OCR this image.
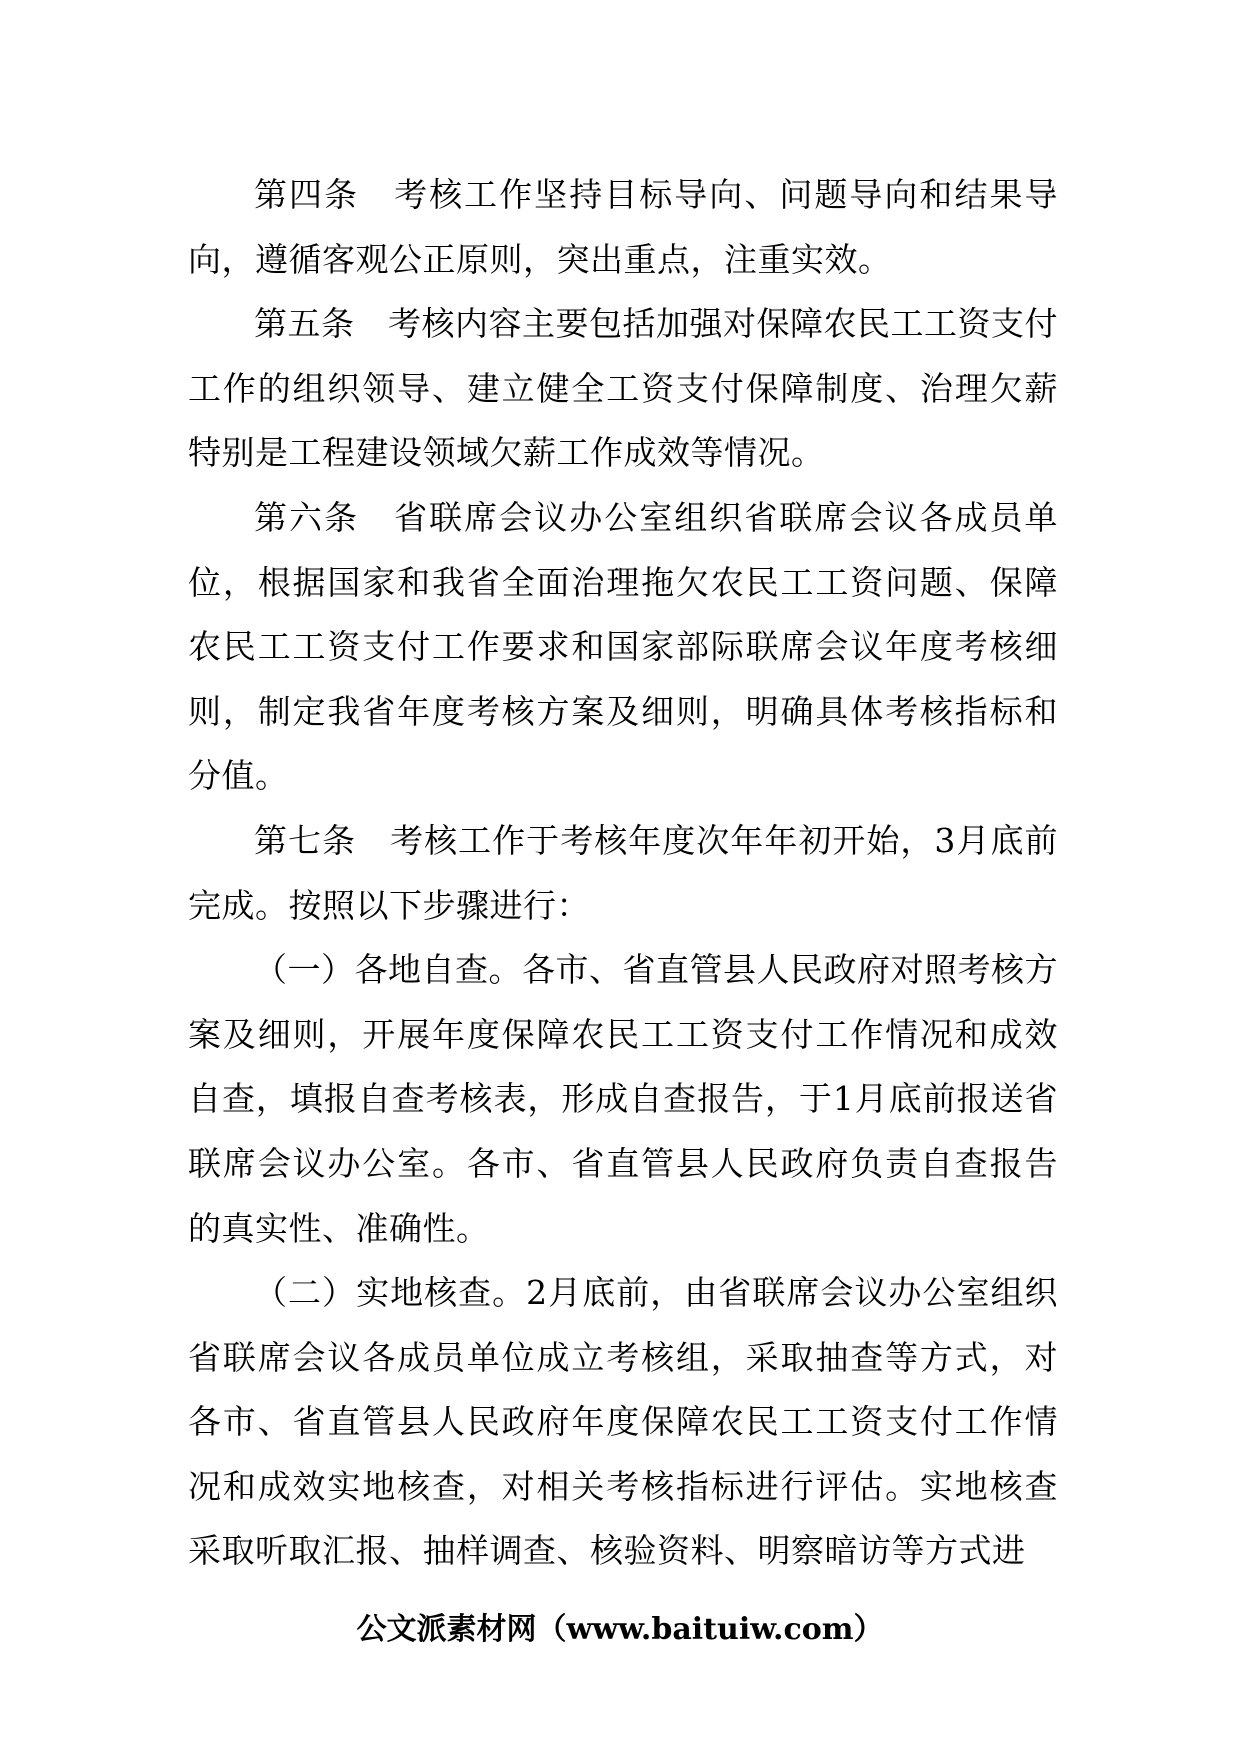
第四条　考核工作坚持目标导向、问题导向和结果导向，遵循客观公正原则，突出重点，注重实效。

第五条　考核内容主要包括加强对保障农民工工资支付工作的组织领导、建立健全工资支付保障制度、治理欠薪特别是工程建设领域欠薪工作成效等情况。

第六条　省联席会议办公室组织省联席会议各成员单位，根据国家和我省全面治理拖欠农民工工资问题、保障农民工工资支付工作要求和国家部际联席会议年度考核细则，制定我省年度考核方案及细则，明确具体考核指标和分值。

第七条　考核工作于考核年度次年年初开始，3月底前完成。按照以下步骤进行：

（一）各地自查。各市、省直管县人民政府对照考核方案及细则，开展年度保障农民工工资支付工作情况和成效自查，填报自查考核表，形成自查报告，于1月底前报送省联席会议办公室。各市、省直管县人民政府负责自查报告的真实性、准确性。

（二）实地核查。2月底前，由省联席会议办公室组织省联席会议各成员单位成立考核组，采取抽查等方式，对各市、省直管县人民政府年度保障农民工工资支付工作情况和成效实地核查，对相关考核指标进行评估。实地核查采取听取汇报、抽样调查、核验资料、明察暗访等方式进

公文派素材网（www.baituiw.com）
